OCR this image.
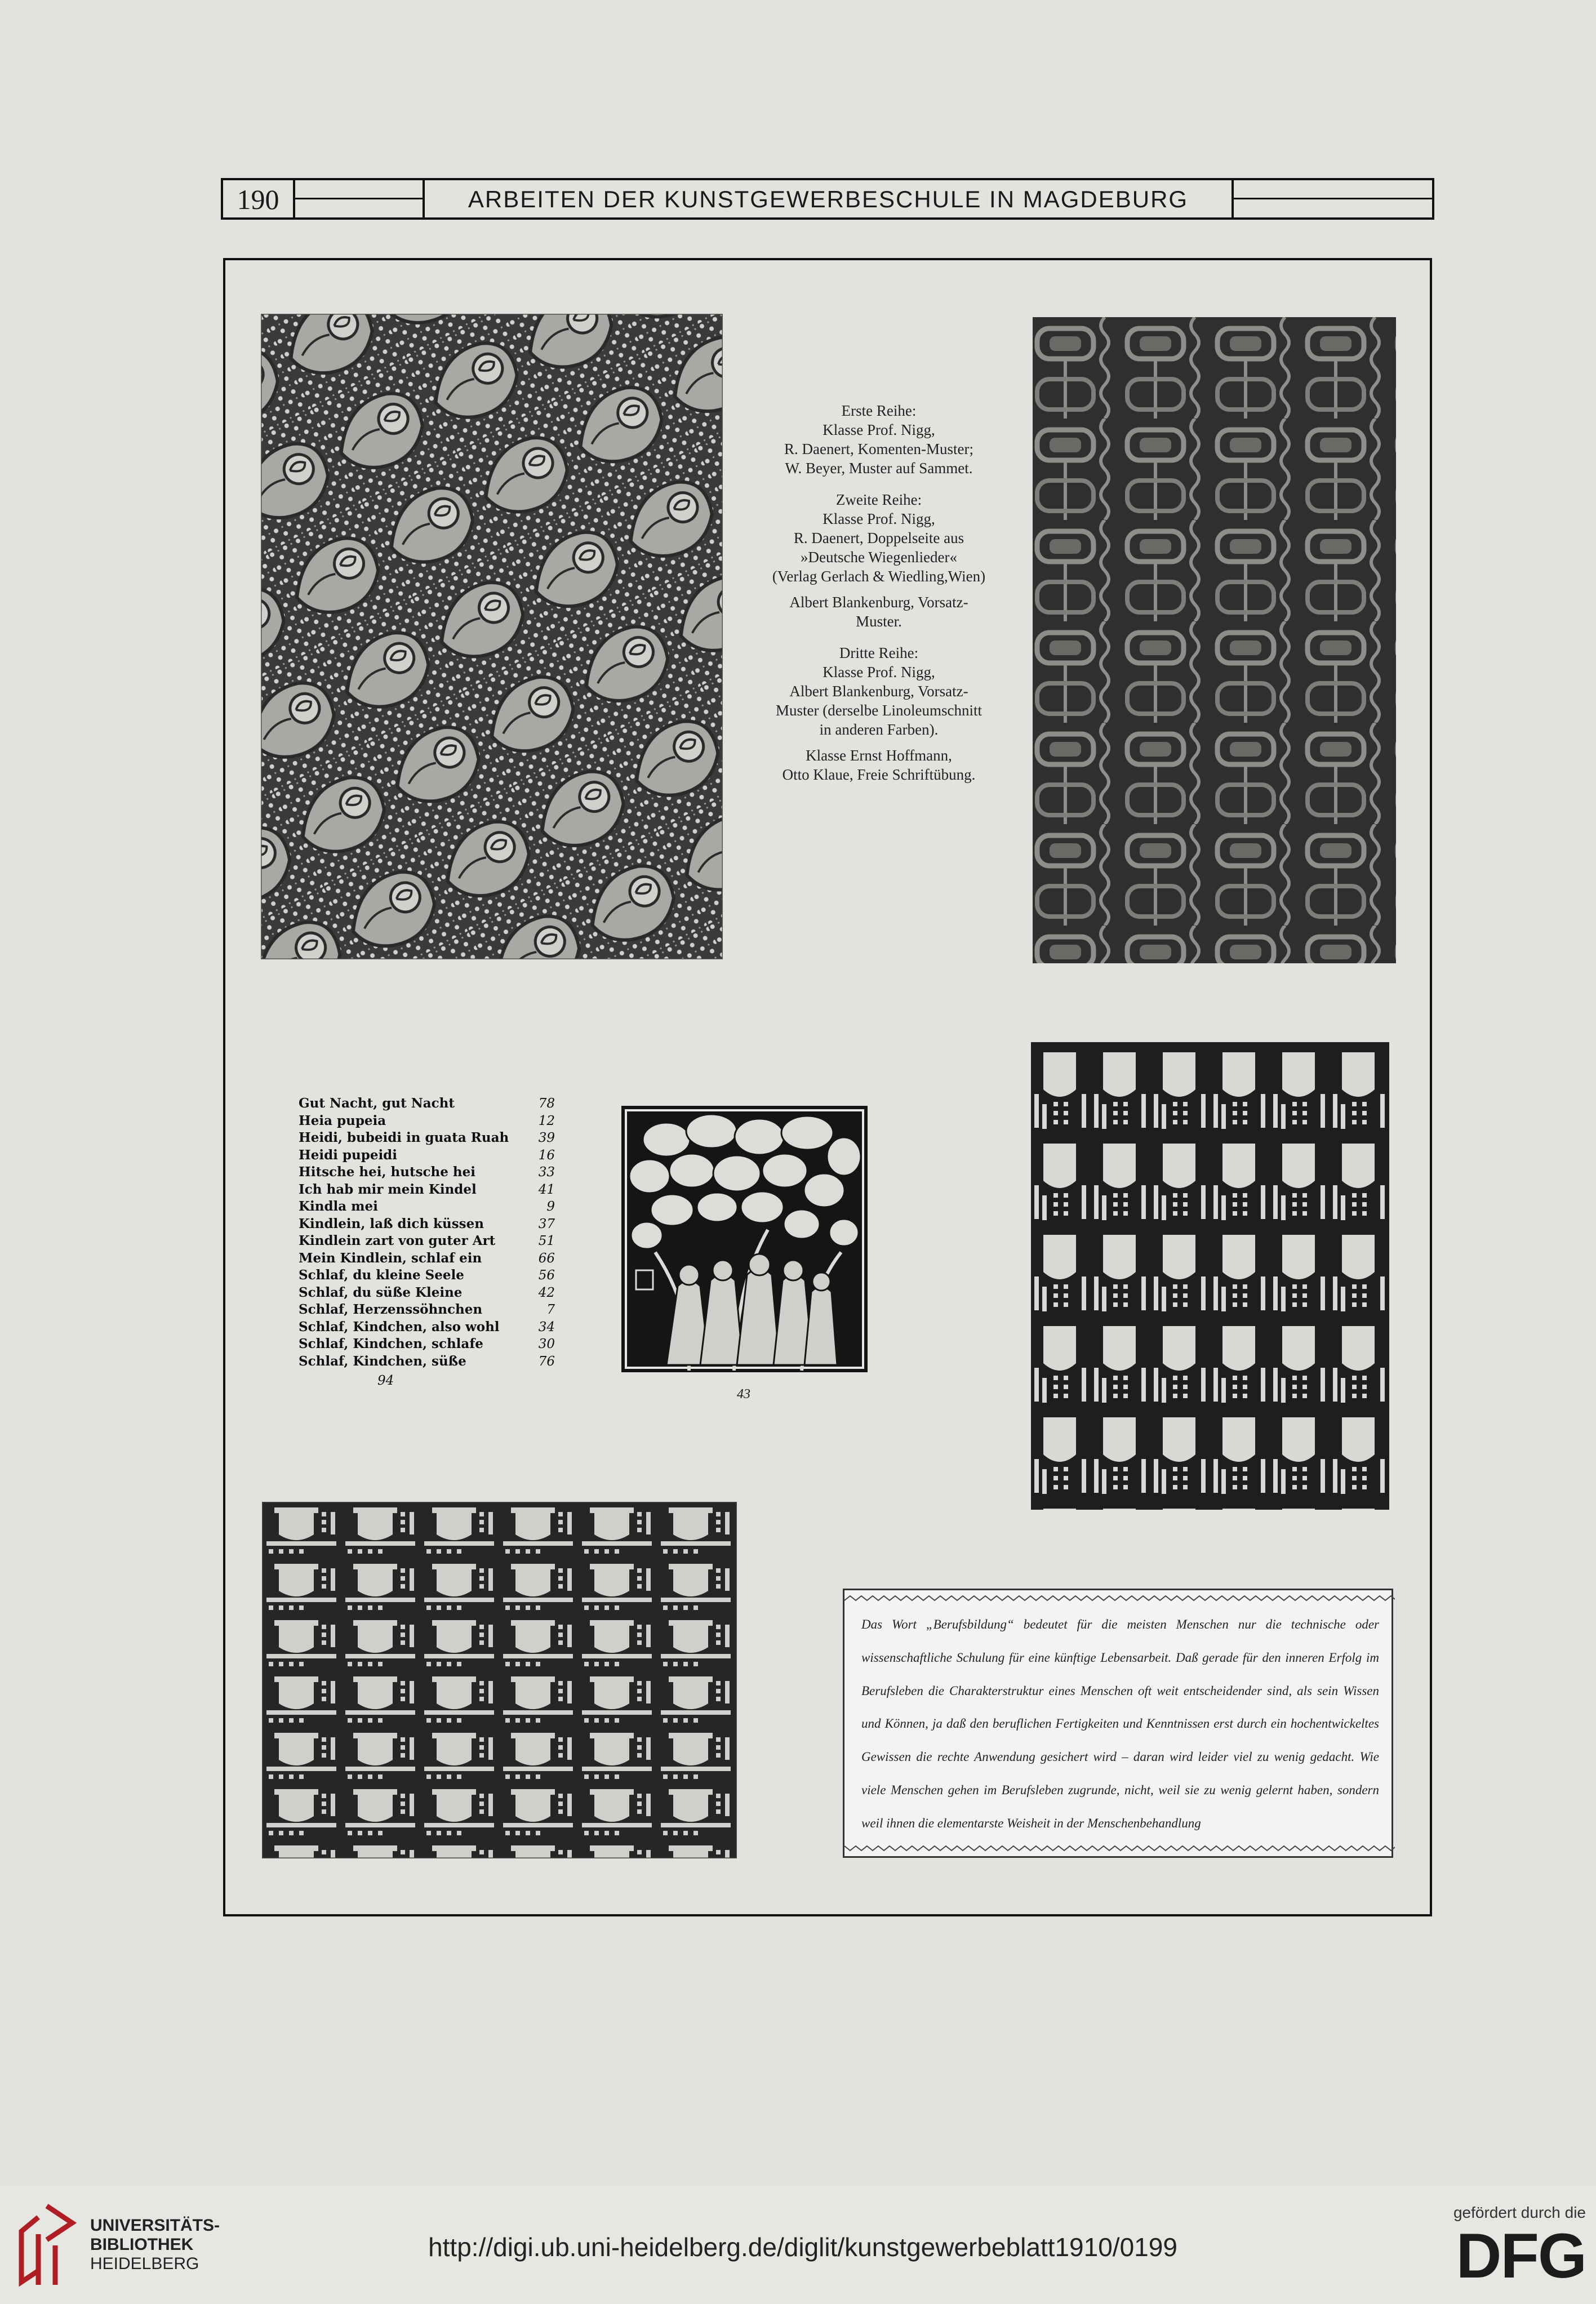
190	ARBEITEN DER KUNSTGEWERBESCHULE IN MAGDEBURG

Erste Reihe:
Klasse Prof. Nigg,
R. Daenert, Komenten-Muster;
W. Beyer, Muster auf Sammet.

Zweite Reihe:
Klasse Prof. Nigg,
R. Daenert, Doppelseite aus
»Deutsche Wiegenlieder«
(Verlag Gerlach & Wiedling,Wien)

Albert Blankenburg, Vorsatz-
Muster.

Dritte Reihe:
Klasse Prof. Nigg,
Albert Blankenburg, Vorsatz-
Muster (derselbe Linoleumschnitt
in anderen Farben).

Klasse Ernst Hoffmann,
Otto Klaue, Freie Schriftübung.

Gut Nacht, gut Nacht	78
Heia pupeia	12
Heidi, bubeidi in guata Ruah 39
Heidi pupeidi	16
Hitsche hei, hutsche hei	33
Ich hab mir mein Kindel	41
Kindla mei	9
Kindlein, laß dich küssen	37
Kindlein zart von guter Art	51
Mein Kindlein, schlaf ein	66
Schlaf, du kleine Seele	56
Schlaf, du süße Kleine	42
Schlaf, Herzenssöhnchen	7
Schlaf, Kindchen, also wohl	34
Schlaf, Kindchen, schlafe	30
Schlaf, Kindchen, süße	76
94
43
Das Wort „Berufsbildung“ bedeutet für die meisten Menschen nur die technische oder wissenschaftliche Schulung für eine künftige Lebensarbeit. Daß gerade für den inneren Erfolg im Berufsleben die Charakterstruktur eines Menschen oft weit entscheidender sind, als sein Wissen und Können, ja daß den beruflichen Fertigkeiten und Kenntnissen erst durch ein hochentwickeltes Gewissen die rechte Anwendung gesichert wird – daran wird leider viel zu wenig gedacht. Wie viele Menschen gehen im Berufsleben zugrunde, nicht, weil sie zu wenig gelernt haben, sondern weil ihnen die elementarste Weisheit in der Menschenbehandlung
UNIVERSITÄTS-
BIBLIOTHEK
HEIDELBERG
http://digi.ub.uni-heidelberg.de/diglit/kunstgewerbeblatt1910/0199
gefördert durch die
DFG
